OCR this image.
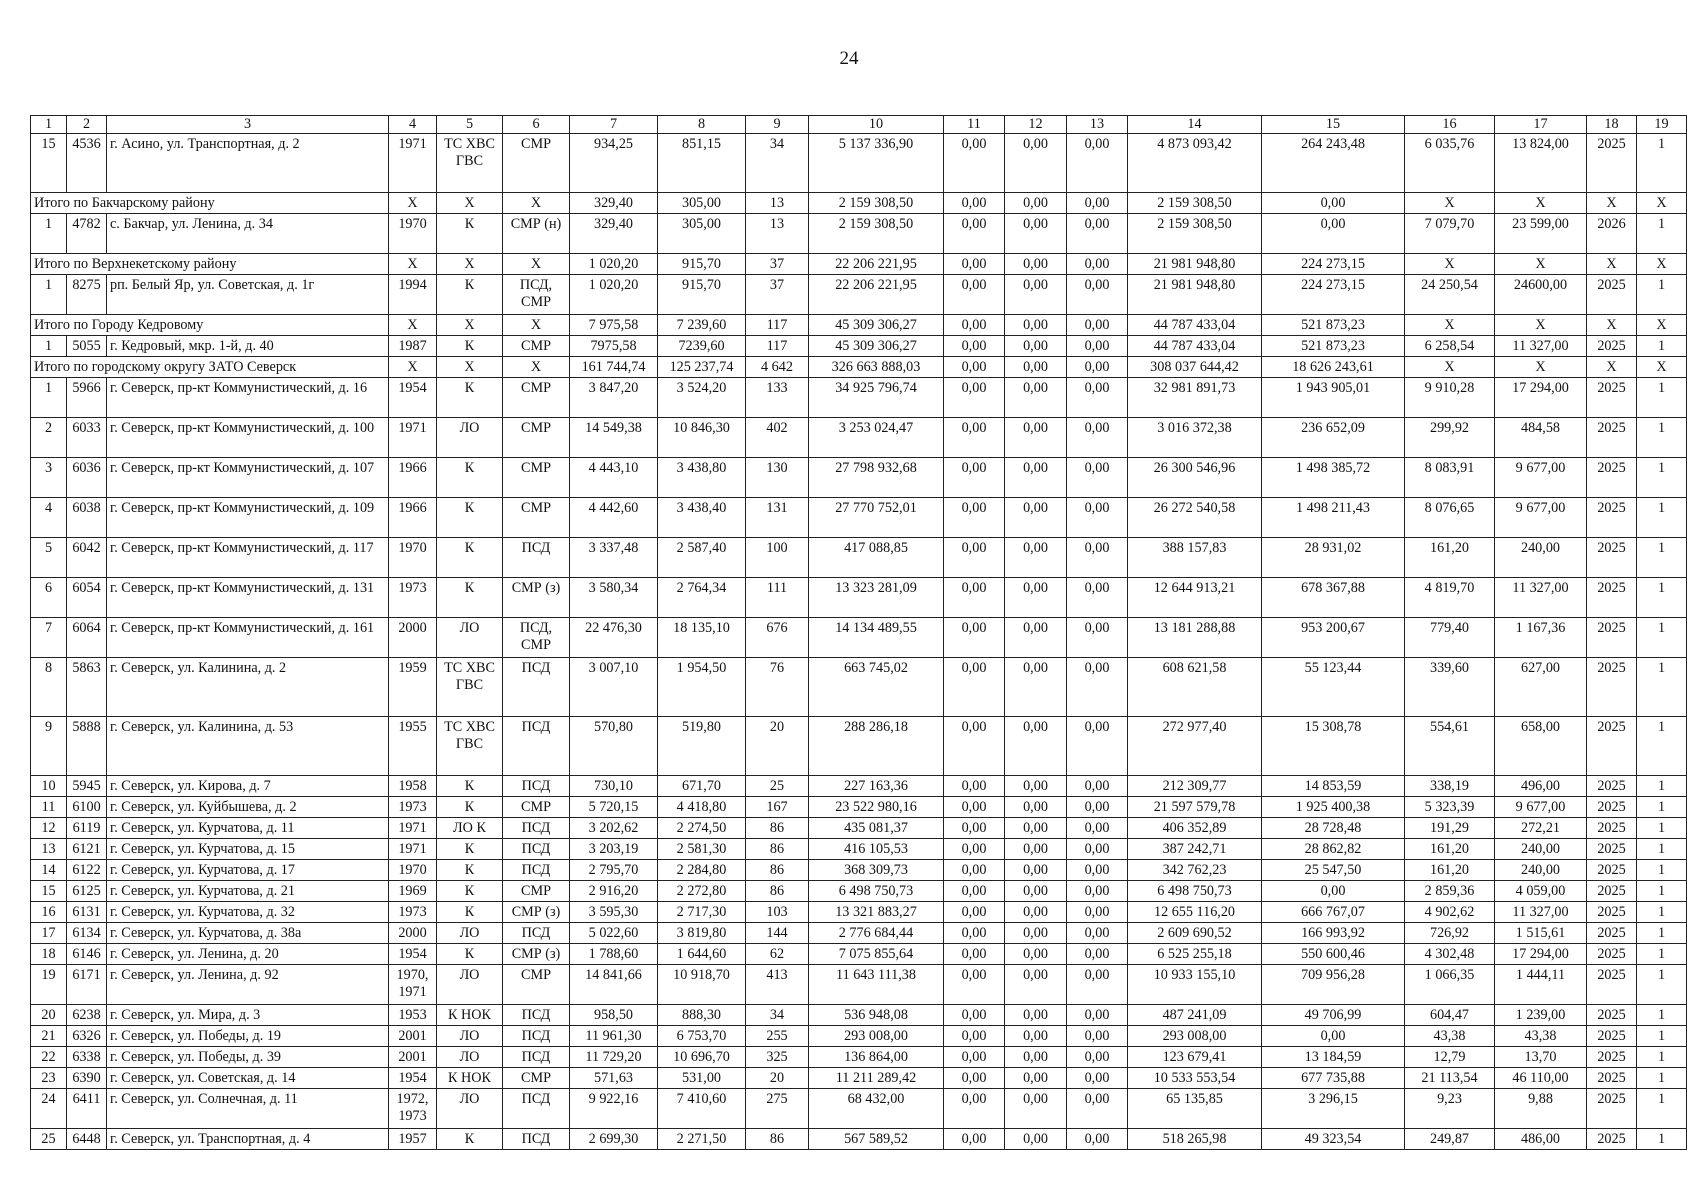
24
1	2	3	4	5	6	7	8	9	10	11	12	13	14	15	16	17	18	19
15	4536	г. Асино, ул. Транспортная, д. 2	1971	ТС ХВС ГВС	СМР	934,25	851,15	34	5 137 336,90	0,00	0,00	0,00	4 873 093,42	264 243,48	6 035,76	13 824,00	2025	1
Итого по Бакчарскому району			X	X	X	329,40	305,00	13	2 159 308,50	0,00	0,00	0,00	2 159 308,50	0,00	X	X	X	X
1	4782	с. Бакчар, ул. Ленина, д. 34	1970	К	СМР (н)	329,40	305,00	13	2 159 308,50	0,00	0,00	0,00	2 159 308,50	0,00	7 079,70	23 599,00	2026	1
Итого по Верхнекетскому району			X	X	X	1 020,20	915,70	37	22 206 221,95	0,00	0,00	0,00	21 981 948,80	224 273,15	X	X	X	X
1	8275	рп. Белый Яр, ул. Советская, д. 1г	1994	К	ПСД, СМР	1 020,20	915,70	37	22 206 221,95	0,00	0,00	0,00	21 981 948,80	224 273,15	24 250,54	24600,00	2025	1
Итого по Городу Кедровому			X	X	X	7 975,58	7 239,60	117	45 309 306,27	0,00	0,00	0,00	44 787 433,04	521 873,23	X	X	X	X
1	5055	г. Кедровый, мкр. 1-й, д. 40	1987	К	СМР	7975,58	7239,60	117	45 309 306,27	0,00	0,00	0,00	44 787 433,04	521 873,23	6 258,54	11 327,00	2025	1
Итого по городскому округу ЗАТО Северск			X	X	X	161 744,74	125 237,74	4 642	326 663 888,03	0,00	0,00	0,00	308 037 644,42	18 626 243,61	X	X	X	X
1	5966	г. Северск, пр-кт Коммунистический, д. 16	1954	К	СМР	3 847,20	3 524,20	133	34 925 796,74	0,00	0,00	0,00	32 981 891,73	1 943 905,01	9 910,28	17 294,00	2025	1
2	6033	г. Северск, пр-кт Коммунистический, д. 100	1971	ЛО	СМР	14 549,38	10 846,30	402	3 253 024,47	0,00	0,00	0,00	3 016 372,38	236 652,09	299,92	484,58	2025	1
3	6036	г. Северск, пр-кт Коммунистический, д. 107	1966	К	СМР	4 443,10	3 438,80	130	27 798 932,68	0,00	0,00	0,00	26 300 546,96	1 498 385,72	8 083,91	9 677,00	2025	1
4	6038	г. Северск, пр-кт Коммунистический, д. 109	1966	К	СМР	4 442,60	3 438,40	131	27 770 752,01	0,00	0,00	0,00	26 272 540,58	1 498 211,43	8 076,65	9 677,00	2025	1
5	6042	г. Северск, пр-кт Коммунистический, д. 117	1970	К	ПСД	3 337,48	2 587,40	100	417 088,85	0,00	0,00	0,00	388 157,83	28 931,02	161,20	240,00	2025	1
6	6054	г. Северск, пр-кт Коммунистический, д. 131	1973	К	СМР (з)	3 580,34	2 764,34	111	13 323 281,09	0,00	0,00	0,00	12 644 913,21	678 367,88	4 819,70	11 327,00	2025	1
7	6064	г. Северск, пр-кт Коммунистический, д. 161	2000	ЛО	ПСД, СМР	22 476,30	18 135,10	676	14 134 489,55	0,00	0,00	0,00	13 181 288,88	953 200,67	779,40	1 167,36	2025	1
8	5863	г. Северск, ул. Калинина, д. 2	1959	ТС ХВС ГВС	ПСД	3 007,10	1 954,50	76	663 745,02	0,00	0,00	0,00	608 621,58	55 123,44	339,60	627,00	2025	1
9	5888	г. Северск, ул. Калинина, д. 53	1955	ТС ХВС ГВС	ПСД	570,80	519,80	20	288 286,18	0,00	0,00	0,00	272 977,40	15 308,78	554,61	658,00	2025	1
10	5945	г. Северск, ул. Кирова, д. 7	1958	К	ПСД	730,10	671,70	25	227 163,36	0,00	0,00	0,00	212 309,77	14 853,59	338,19	496,00	2025	1
11	6100	г. Северск, ул. Куйбышева, д. 2	1973	К	СМР	5 720,15	4 418,80	167	23 522 980,16	0,00	0,00	0,00	21 597 579,78	1 925 400,38	5 323,39	9 677,00	2025	1
12	6119	г. Северск, ул. Курчатова, д. 11	1971	ЛО К	ПСД	3 202,62	2 274,50	86	435 081,37	0,00	0,00	0,00	406 352,89	28 728,48	191,29	272,21	2025	1
13	6121	г. Северск, ул. Курчатова, д. 15	1971	К	ПСД	3 203,19	2 581,30	86	416 105,53	0,00	0,00	0,00	387 242,71	28 862,82	161,20	240,00	2025	1
14	6122	г. Северск, ул. Курчатова, д. 17	1970	К	ПСД	2 795,70	2 284,80	86	368 309,73	0,00	0,00	0,00	342 762,23	25 547,50	161,20	240,00	2025	1
15	6125	г. Северск, ул. Курчатова, д. 21	1969	К	СМР	2 916,20	2 272,80	86	6 498 750,73	0,00	0,00	0,00	6 498 750,73	0,00	2 859,36	4 059,00	2025	1
16	6131	г. Северск, ул. Курчатова, д. 32	1973	К	СМР (з)	3 595,30	2 717,30	103	13 321 883,27	0,00	0,00	0,00	12 655 116,20	666 767,07	4 902,62	11 327,00	2025	1
17	6134	г. Северск, ул. Курчатова, д. 38а	2000	ЛО	ПСД	5 022,60	3 819,80	144	2 776 684,44	0,00	0,00	0,00	2 609 690,52	166 993,92	726,92	1 515,61	2025	1
18	6146	г. Северск, ул. Ленина, д. 20	1954	К	СМР (з)	1 788,60	1 644,60	62	7 075 855,64	0,00	0,00	0,00	6 525 255,18	550 600,46	4 302,48	17 294,00	2025	1
19	6171	г. Северск, ул. Ленина, д. 92	1970, 1971	ЛО	СМР	14 841,66	10 918,70	413	11 643 111,38	0,00	0,00	0,00	10 933 155,10	709 956,28	1 066,35	1 444,11	2025	1
20	6238	г. Северск, ул. Мира, д. 3	1953	К НОК	ПСД	958,50	888,30	34	536 948,08	0,00	0,00	0,00	487 241,09	49 706,99	604,47	1 239,00	2025	1
21	6326	г. Северск, ул. Победы, д. 19	2001	ЛО	ПСД	11 961,30	6 753,70	255	293 008,00	0,00	0,00	0,00	293 008,00	0,00	43,38	43,38	2025	1
22	6338	г. Северск, ул. Победы, д. 39	2001	ЛО	ПСД	11 729,20	10 696,70	325	136 864,00	0,00	0,00	0,00	123 679,41	13 184,59	12,79	13,70	2025	1
23	6390	г. Северск, ул. Советская, д. 14	1954	К НОК	СМР	571,63	531,00	20	11 211 289,42	0,00	0,00	0,00	10 533 553,54	677 735,88	21 113,54	46 110,00	2025	1
24	6411	г. Северск, ул. Солнечная, д. 11	1972, 1973	ЛО	ПСД	9 922,16	7 410,60	275	68 432,00	0,00	0,00	0,00	65 135,85	3 296,15	9,23	9,88	2025	1
25	6448	г. Северск, ул. Транспортная, д. 4	1957	К	ПСД	2 699,30	2 271,50	86	567 589,52	0,00	0,00	0,00	518 265,98	49 323,54	249,87	486,00	2025	1
